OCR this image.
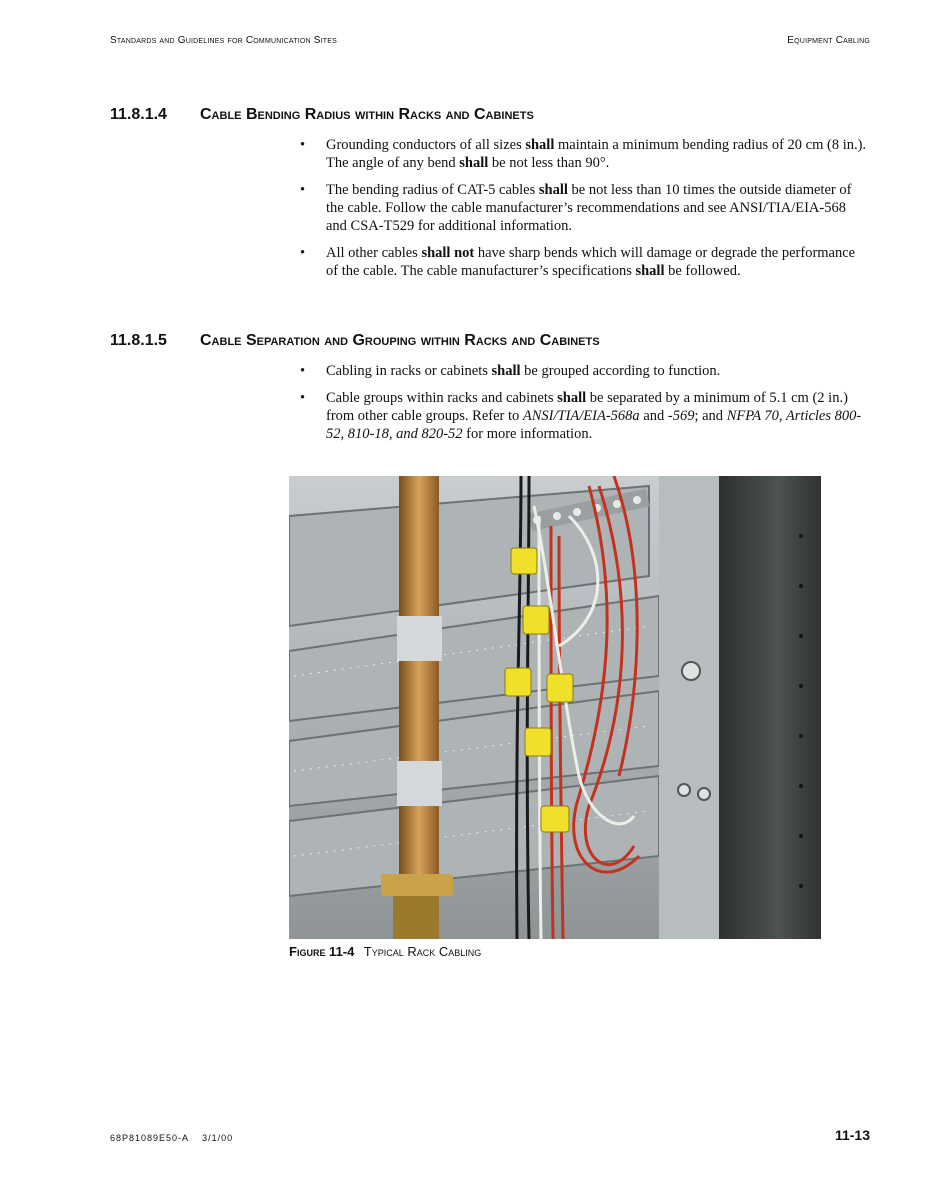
Standards and Guidelines for Communication Sites	Equipment Cabling
11.8.1.4	Cable Bending Radius within Racks and Cabinets
• Grounding conductors of all sizes shall maintain a minimum bending radius of 20 cm (8 in.). The angle of any bend shall be not less than 90°.
• The bending radius of CAT-5 cables shall be not less than 10 times the outside diameter of the cable. Follow the cable manufacturer’s recommendations and see ANSI/TIA/EIA-568 and CSA-T529 for additional information.
• All other cables shall not have sharp bends which will damage or degrade the performance of the cable. The cable manufacturer’s specifications shall be followed.
11.8.1.5	Cable Separation and Grouping within Racks and Cabinets
• Cabling in racks or cabinets shall be grouped according to function.
• Cable groups within racks and cabinets shall be separated by a minimum of 5.1 cm (2 in.) from other cable groups. Refer to ANSI/TIA/EIA-568a and -569; and NFPA 70, Articles 800-52, 810-18, and 820-52 for more information.
Figure 11-4 Typical Rack Cabling
68P81089E50-A 3/1/00	11-13
